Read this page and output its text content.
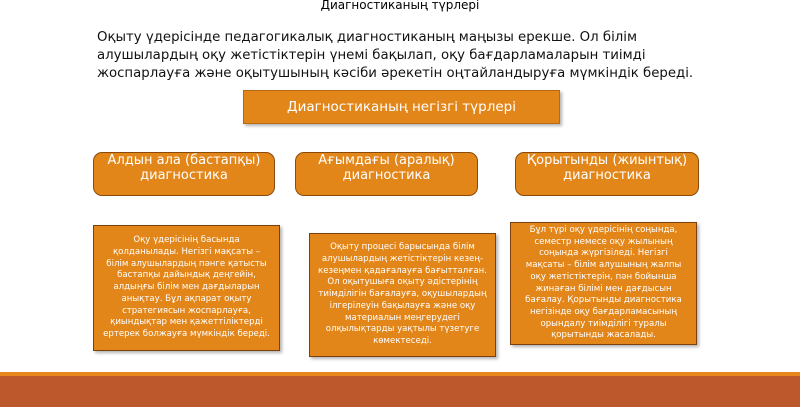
Диагностиканың түрлері
Оқыту үдерісінде педагогикалық диагностиканың маңызы ерекше. Ол білім алушылардың оқу жетістіктерін үнемі бақылап, оқу бағдарламаларын тиімді жоспарлауға және оқытушының кәсіби әрекетін оңтайландыруға мүмкіндік береді.
Диагностиканың негізгі түрлері
Алдын ала (бастапқы) диагностика
Ағымдағы (аралық) диагностика
Қорытынды (жиынтық) диагностика
Оқу үдерісінің басында қолданылады. Негізгі мақсаты – білім алушылардың пәнге қатысты бастапқы дайындық деңгейін, алдыңғы білім мен дағдыларын анықтау. Бұл ақпарат оқыту стратегиясын жоспарлауға, қиындықтар мен қажеттіліктерді ертерек болжауға мүмкіндік береді.
Оқыту процесі барысында білім алушылардың жетістіктерін кезең-кезеңмен қадағалауға бағытталған. Ол оқытушыға оқыту әдістерінің тиімділігін бағалауға, оқушылардың ілгерілеуін бақылауға және оқу материалын меңгерудегі олқылықтарды уақтылы түзетуге көмектеседі.
Бұл түрі оқу үдерісінің соңында, семестр немесе оқу жылының соңында жүргізіледі. Негізгі мақсаты – білім алушының жалпы оқу жетістіктерін, пән бойынша жинаған білімі мен дағдысын бағалау. Қорытынды диагностика негізінде оқу бағдарламасының орындалу тиімділігі туралы қорытынды жасалады.
